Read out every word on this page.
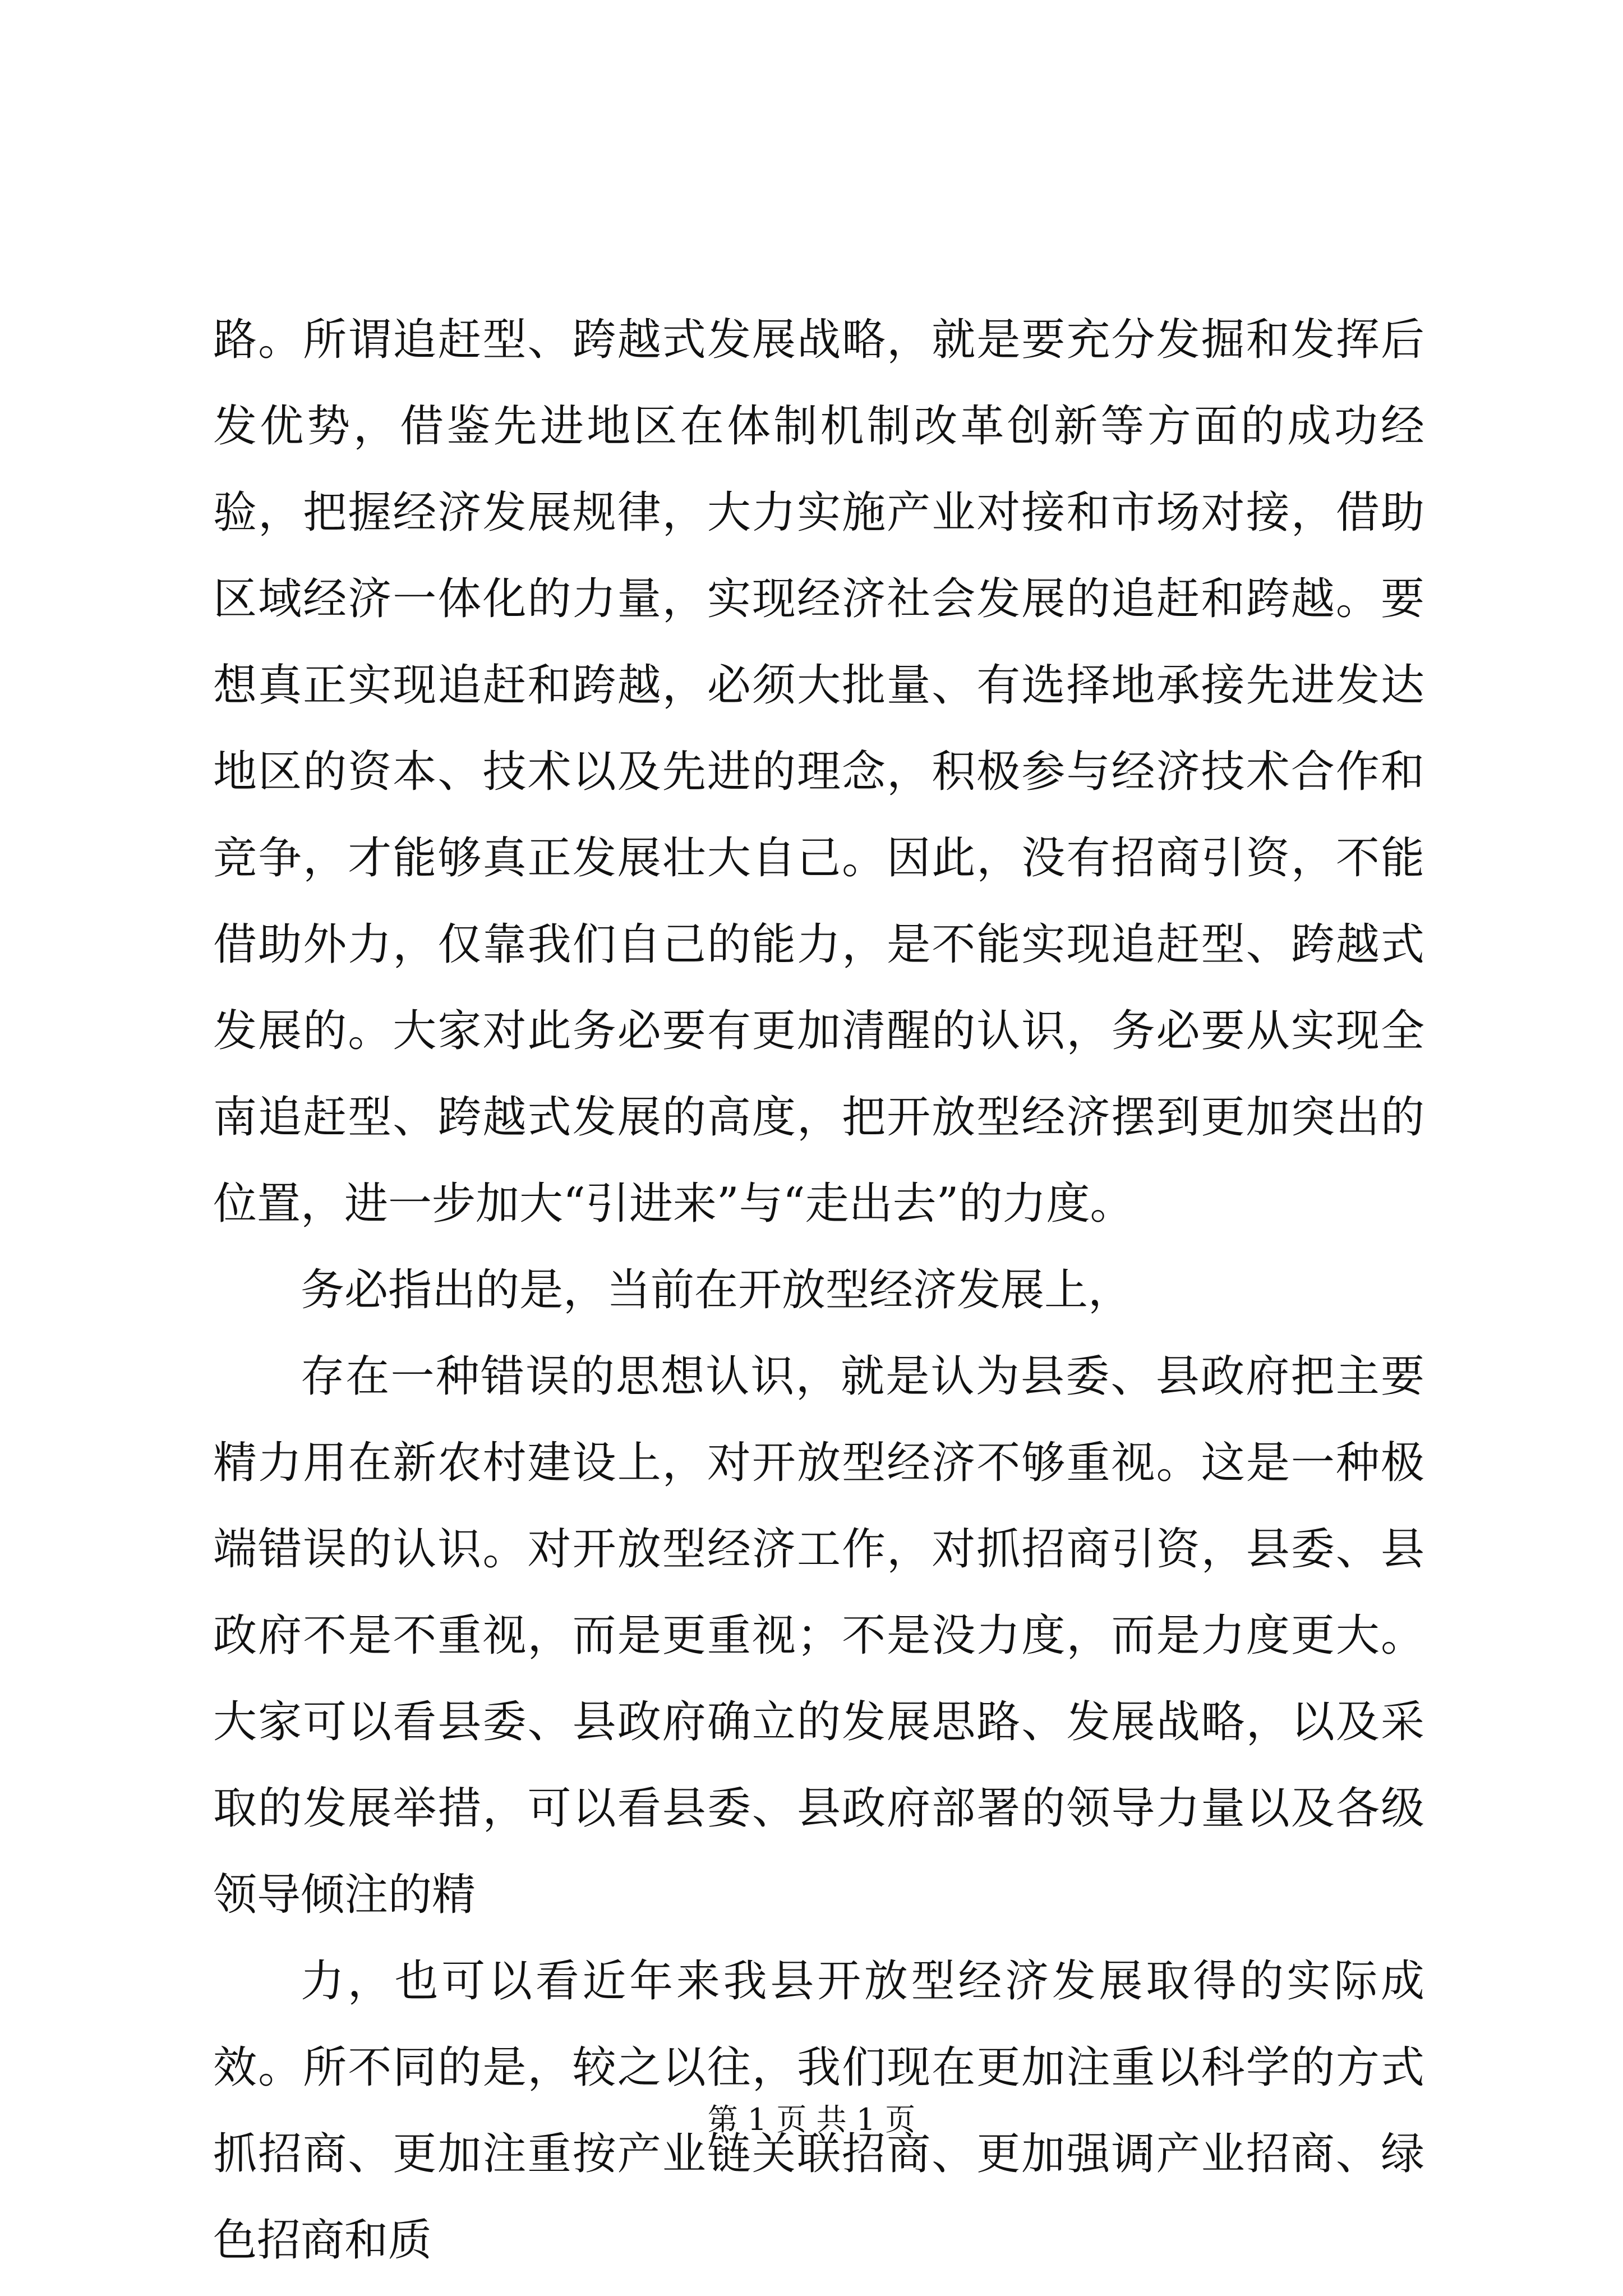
路。所谓追赶型、跨越式发展战略，就是要充分发掘和发挥后发优势，借鉴先进地区在体制机制改革创新等方面的成功经验，把握经济发展规律，大力实施产业对接和市场对接，借助区域经济一体化的力量，实现经济社会发展的追赶和跨越。要想真正实现追赶和跨越，必须大批量、有选择地承接先进发达地区的资本、技术以及先进的理念，积极参与经济技术合作和竞争，才能够真正发展壮大自己。因此，没有招商引资，不能借助外力，仅靠我们自己的能力，是不能实现追赶型、跨越式发展的。大家对此务必要有更加清醒的认识，务必要从实现全南追赶型、跨越式发展的高度，把开放型经济摆到更加突出的位置，进一步加大“引进来”与“走出去”的力度。

务必指出的是，当前在开放型经济发展上，

存在一种错误的思想认识，就是认为县委、县政府把主要精力用在新农村建设上，对开放型经济不够重视。这是一种极端错误的认识。对开放型经济工作，对抓招商引资，县委、县政府不是不重视，而是更重视；不是没力度，而是力度更大。大家可以看县委、县政府确立的发展思路、发展战略，以及采取的发展举措，可以看县委、县政府部署的领导力量以及各级领导倾注的精

力，也可以看近年来我县开放型经济发展取得的实际成效。所不同的是，较之以往，我们现在更加注重以科学的方式抓招商、更加注重按产业链关联招商、更加强调产业招商、绿色招商和质

第 1 页 共 1 页
